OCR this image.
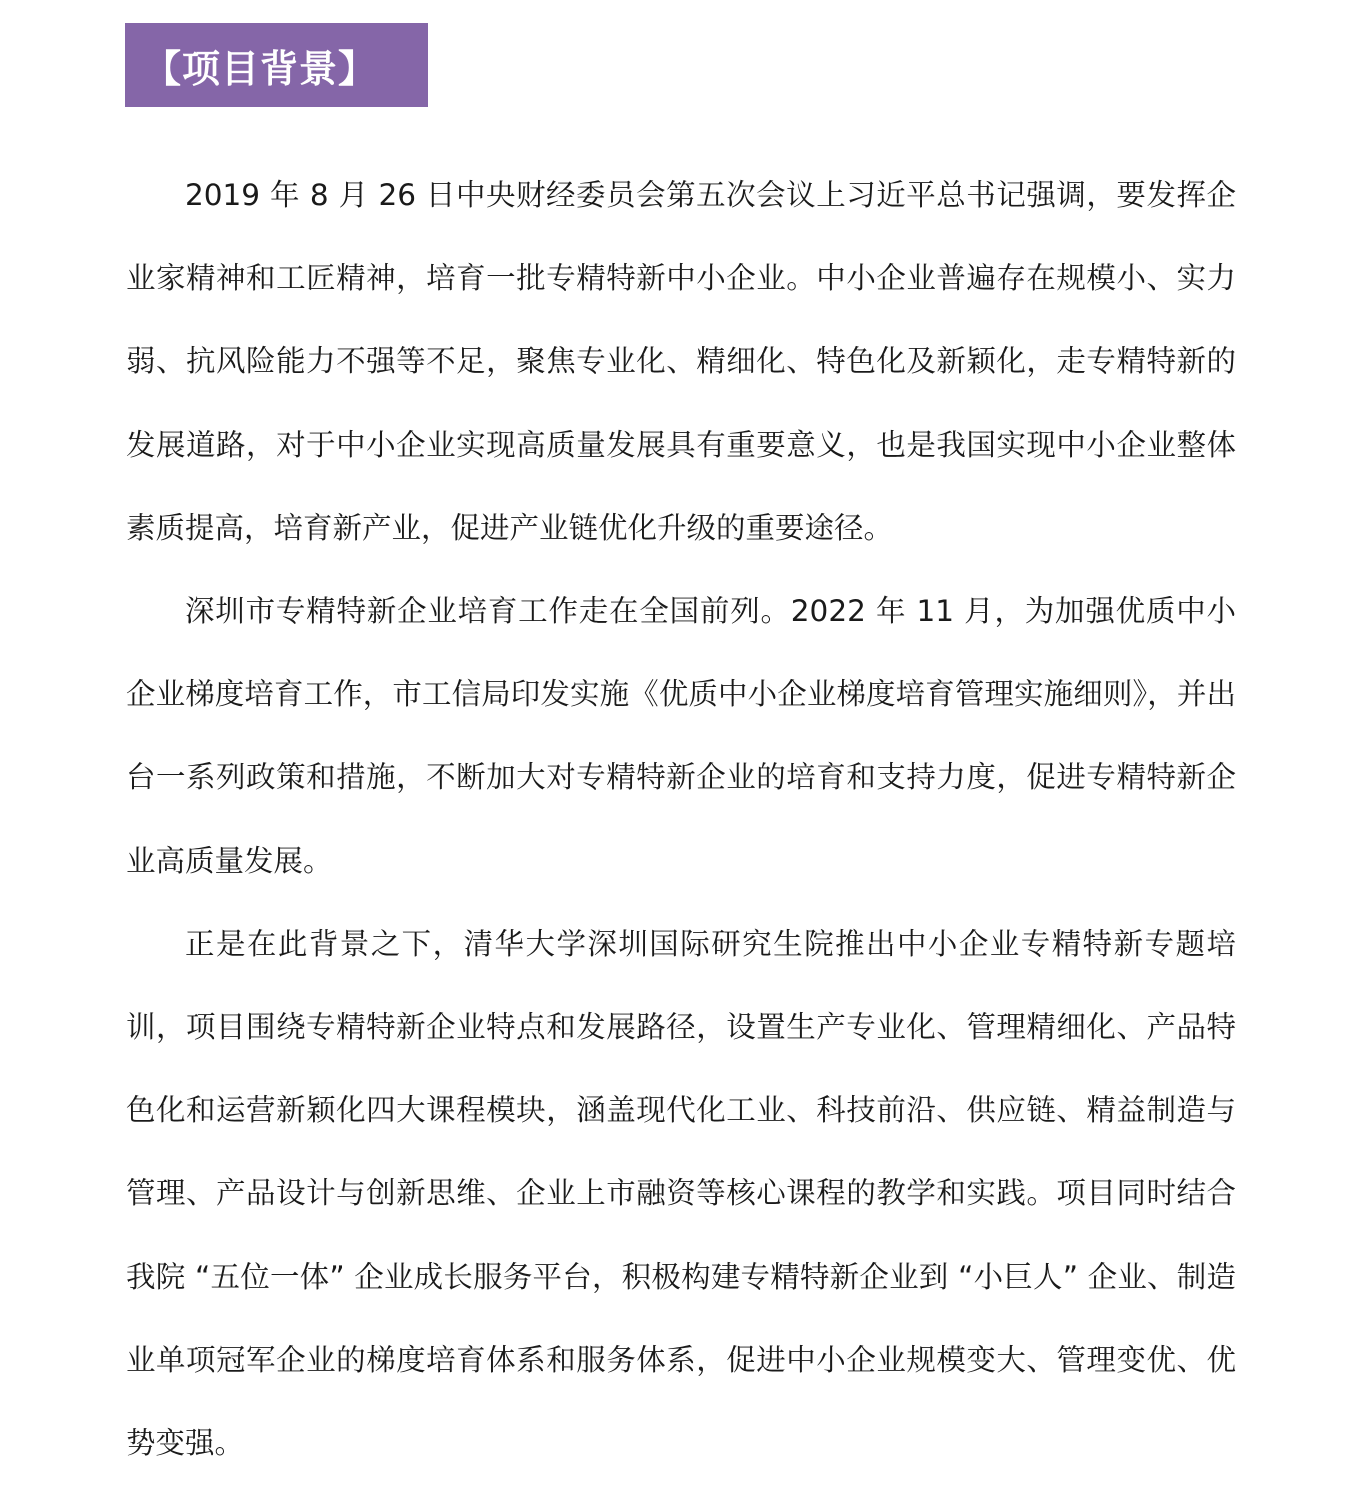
【项目背景】

2019 年 8 月 26 日中央财经委员会第五次会议上习近平总书记强调，要发挥企业家精神和工匠精神，培育一批专精特新中小企业。中小企业普遍存在规模小、实力弱、抗风险能力不强等不足，聚焦专业化、精细化、特色化及新颖化，走专精特新的发展道路，对于中小企业实现高质量发展具有重要意义，也是我国实现中小企业整体素质提高，培育新产业，促进产业链优化升级的重要途径。

深圳市专精特新企业培育工作走在全国前列。2022 年 11 月，为加强优质中小企业梯度培育工作，市工信局印发实施《优质中小企业梯度培育管理实施细则》，并出台一系列政策和措施，不断加大对专精特新企业的培育和支持力度，促进专精特新企业高质量发展。

正是在此背景之下，清华大学深圳国际研究生院推出中小企业专精特新专题培训，项目围绕专精特新企业特点和发展路径，设置生产专业化、管理精细化、产品特色化和运营新颖化四大课程模块，涵盖现代化工业、科技前沿、供应链、精益制造与管理、产品设计与创新思维、企业上市融资等核心课程的教学和实践。项目同时结合我院 “五位一体” 企业成长服务平台，积极构建专精特新企业到 “小巨人” 企业、制造业单项冠军企业的梯度培育体系和服务体系，促进中小企业规模变大、管理变优、优势变强。
